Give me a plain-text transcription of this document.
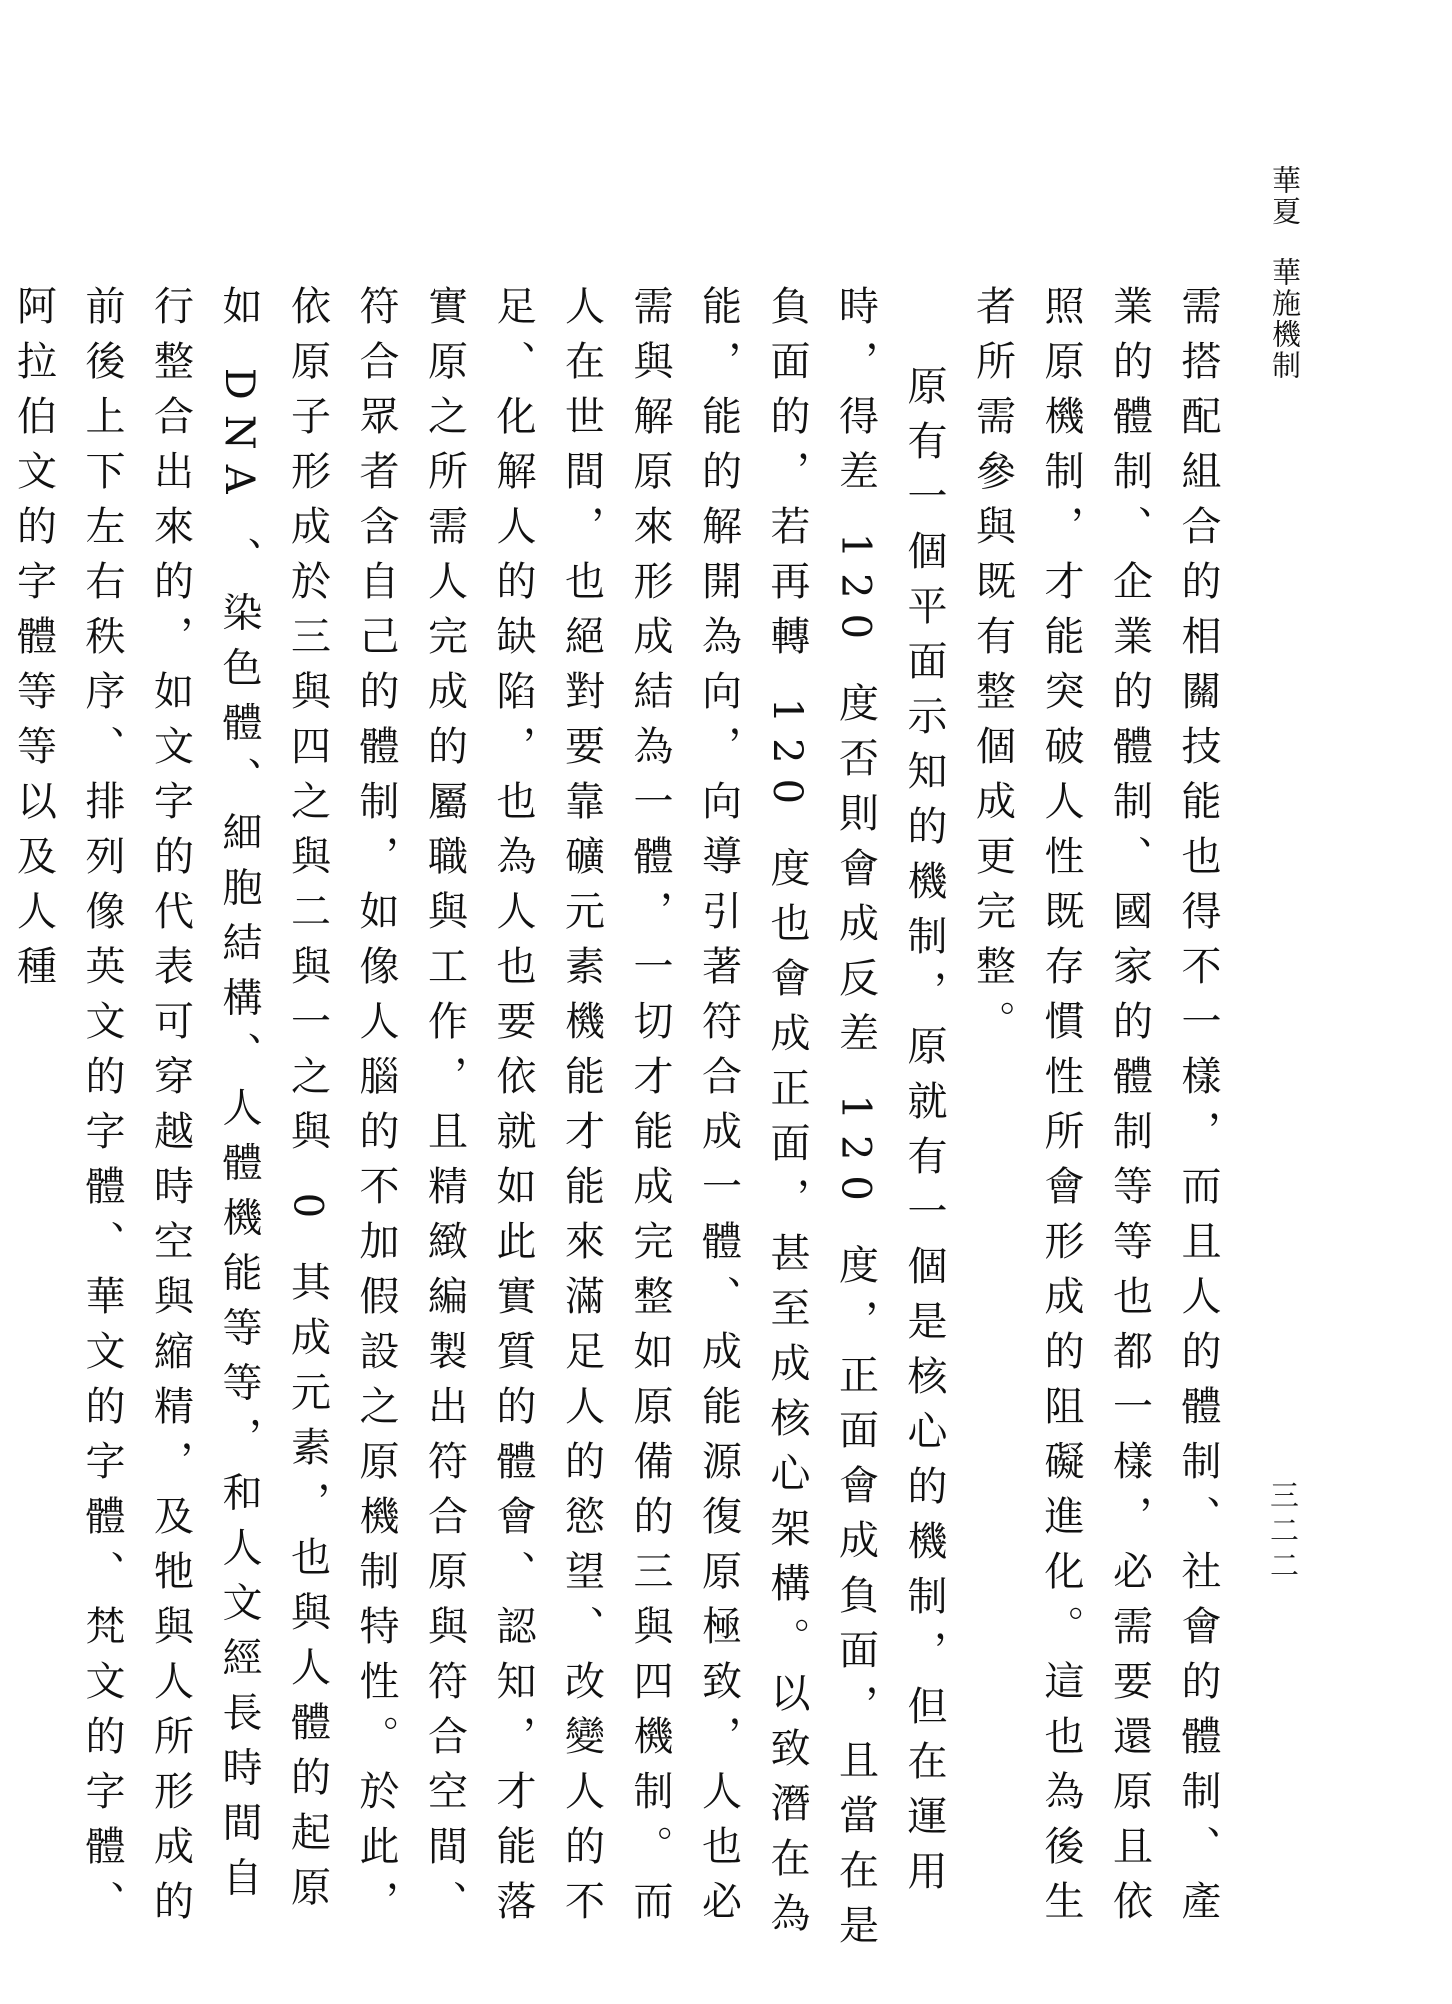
華夏華施機制
三二二

需搭配組合的相關技能也得不一樣，而且人的體制、社會的體制、產業的體制、企業的體制、國家的體制等等也都一樣，必需要還原且依照原機制，才能突破人性既存慣性所會形成的阻礙進化。這也為後生者所需參與既有整個成更完整。

原有一個平面示知的機制，原就有一個是核心的機制，但在運用時，得差 120 度否則會成反差 120 度，正面會成負面，且當在是負面的，若再轉 120 度也會成正面，甚至成核心架構。以致潛在為能，能的解開為向，向導引著符合成一體、成能源復原極致，人也必需與解原來形成結為一體，一切才能成完整如原備的三與四機制。而人在世間，也絕對要靠礦元素機能才能來滿足人的慾望、改變人的不足、化解人的缺陷，也為人也要依就如此實質的體會、認知，才能落實原之所需人完成的屬職與工作，且精緻編製出符合原與符合空間、符合眾者含自己的體制，如像人腦的不加假設之原機制特性。於此，依原子形成於三與四之與二與一之與 0 其成元素，也與人體的起原如 DNA 、染色體、細胞結構、人體機能等等，和人文經長時間自行整合出來的，如文字的代表可穿越時空與縮精，及牠與人所形成的前後上下左右秩序、排列像英文的字體、華文的字體、梵文的字體、阿拉伯文的字體等等以及人種
